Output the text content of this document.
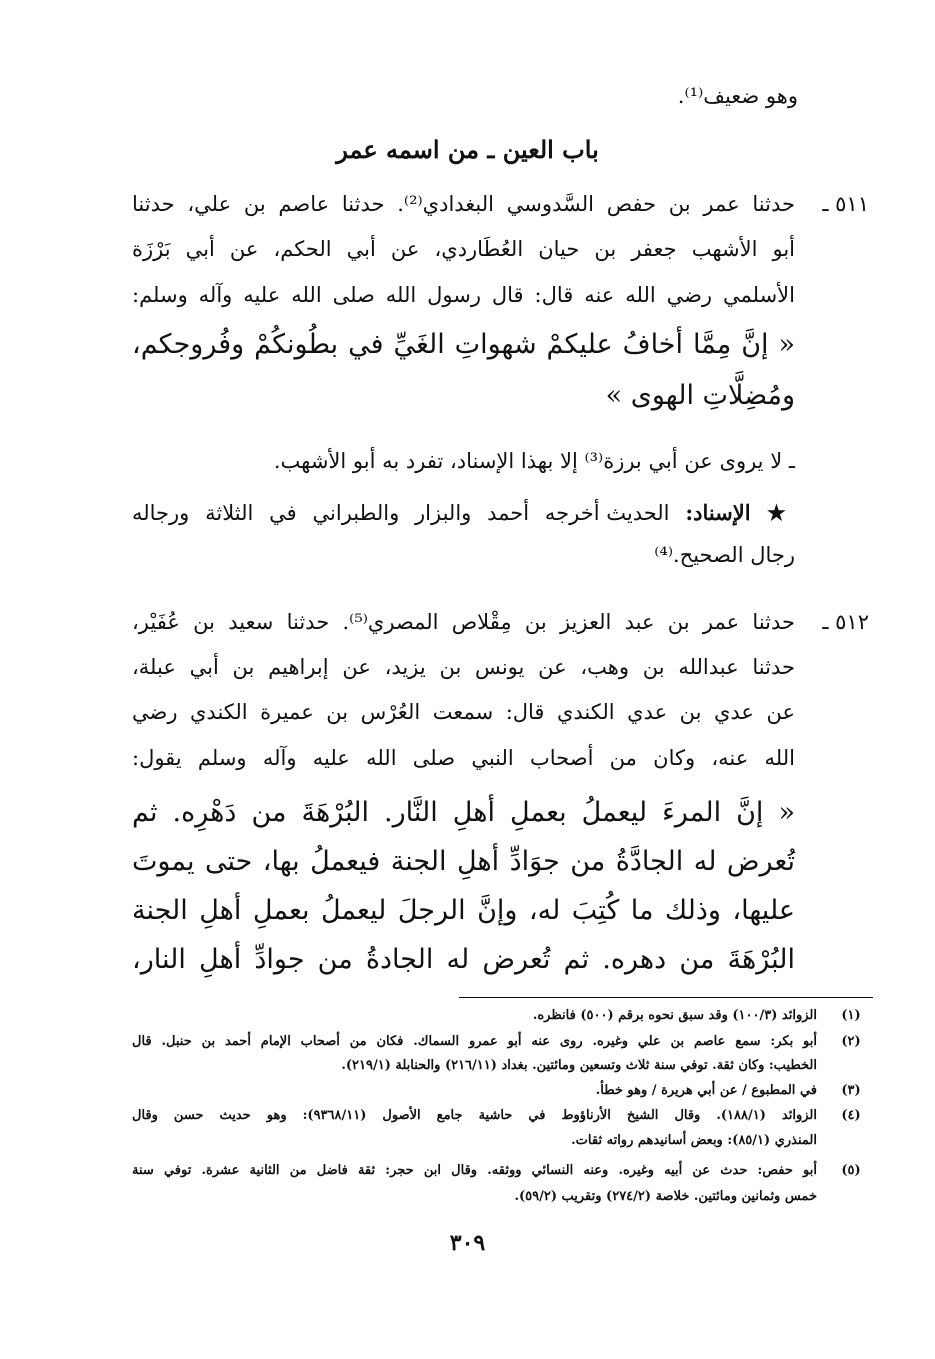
وهو ضعيف⁽¹⁾.
باب العين ـ من اسمه عمر
٥١١ ـ
حدثنا عمر بن حفص السَّدوسي البغدادي⁽²⁾. حدثنا عاصم بن علي، حدثنا
أبو الأشهب جعفر بن حيان العُطَاردي، عن أبي الحكم، عن أبي بَرْزَة
الأسلمي رضي الله عنه قال: قال رسول الله صلى الله عليه وآله وسلم:
« إنَّ مِمَّا أخافُ عليكمْ شهواتِ الغَيِّ في بطُونكُمْ وفُروجكم،
ومُضِلَّاتِ الهوى »
ـ لا يروى عن أبي برزة⁽³⁾ إلا بهذا الإسناد، تفرد به أبو الأشهب.
★ الإسناد: الحديث أخرجه أحمد والبزار والطبراني في الثلاثة ورجاله
رجال الصحيح.⁽⁴⁾
٥١٢ ـ
حدثنا عمر بن عبد العزيز بن مِقْلاص المصري⁽⁵⁾. حدثنا سعيد بن عُفَيْر،
حدثنا عبدالله بن وهب، عن يونس بن يزيد، عن إبراهيم بن أبي عبلة،
عن عدي بن عدي الكندي قال: سمعت العُرْس بن عميرة الكندي رضي
الله عنه، وكان من أصحاب النبي صلى الله عليه وآله وسلم يقول:
« إنَّ المرءَ ليعملُ بعملِ أهلِ النَّار. البُرْهَةَ من دَهْرِه. ثم
تُعرض له الجادَّةُ من جوَادِّ أهلِ الجنة فيعملُ بها، حتى يموتَ
عليها، وذلك ما كُتِبَ له، وإنَّ الرجلَ ليعملُ بعملِ أهلِ الجنة
البُرْهَةَ من دهره. ثم تُعرض له الجادةُ من جوادِّ أهلِ النار،
(١)
الزوائد (١٠٠/٣) وقد سبق نحوه برقم (٥٠٠) فانظره.
(٢)
أبو بكر: سمع عاصم بن علي وغيره. روى عنه أبو عمرو السماك. فكان من أصحاب الإمام أحمد بن حنبل. قال
الخطيب: وكان ثقة. توفي سنة ثلاث وتسعين ومائتين. بغداد (٢١٦/١١) والحنابلة (٢١٩/١).
(٣)
في المطبوع / عن أبي هريرة / وهو خطأ.
(٤)
الزوائد (١٨٨/١). وقال الشيخ الأرناؤوط في حاشية جامع الأصول (٩٣٦٨/١١): وهو حديث حسن وقال
المنذري (٨٥/١): وبعض أسانيدهم رواته ثقات.
(٥)
أبو حفص: حدث عن أبيه وغيره. وعنه النسائي ووثقه. وقال ابن حجر: ثقة فاضل من الثانية عشرة. توفي سنة
خمس وثمانين ومائتين. خلاصة (٢٧٤/٢) وتقريب (٥٩/٢).
٣٠٩
